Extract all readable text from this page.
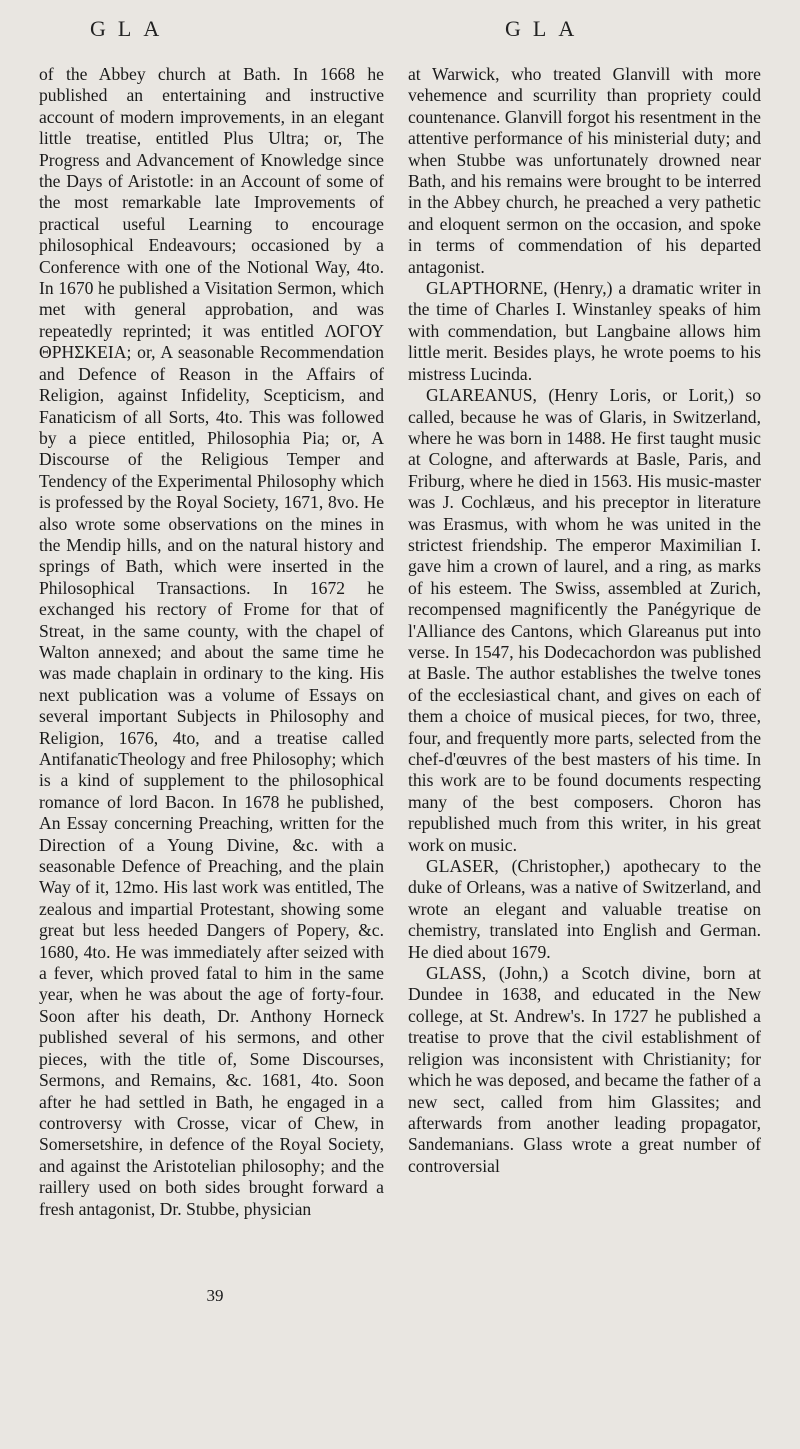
GLA	GLA

of the Abbey church at Bath. In 1668 he published an entertaining and instructive account of modern improvements, in an elegant little treatise, entitled Plus Ultra; or, The Progress and Advancement of Knowledge since the Days of Aristotle: in an Account of some of the most remarkable late Improvements of practical useful Learning to encourage philosophical Endeavours; occasioned by a Conference with one of the Notional Way, 4to. In 1670 he published a Visitation Sermon, which met with general approbation, and was repeatedly reprinted; it was entitled ΛΟΓΟΥ ΘΡΗΣΚΕΙΑ; or, A seasonable Recommendation and Defence of Reason in the Affairs of Religion, against Infidelity, Scepticism, and Fanaticism of all Sorts, 4to. This was followed by a piece entitled, Philosophia Pia; or, A Discourse of the Religious Temper and Tendency of the Experimental Philosophy which is professed by the Royal Society, 1671, 8vo. He also wrote some observations on the mines in the Mendip hills, and on the natural history and springs of Bath, which were inserted in the Philosophical Transactions. In 1672 he exchanged his rectory of Frome for that of Streat, in the same county, with the chapel of Walton annexed; and about the same time he was made chaplain in ordinary to the king. His next publication was a volume of Essays on several important Subjects in Philosophy and Religion, 1676, 4to, and a treatise called AntifanaticTheology and free Philosophy; which is a kind of supplement to the philosophical romance of lord Bacon. In 1678 he published, An Essay concerning Preaching, written for the Direction of a Young Divine, &c. with a seasonable Defence of Preaching, and the plain Way of it, 12mo. His last work was entitled, The zealous and impartial Protestant, showing some great but less heeded Dangers of Popery, &c. 1680, 4to. He was immediately after seized with a fever, which proved fatal to him in the same year, when he was about the age of forty-four. Soon after his death, Dr. Anthony Horneck published several of his sermons, and other pieces, with the title of, Some Discourses, Sermons, and Remains, &c. 1681, 4to. Soon after he had settled in Bath, he engaged in a controversy with Crosse, vicar of Chew, in Somersetshire, in defence of the Royal Society, and against the Aristotelian philosophy; and the raillery used on both sides brought forward a fresh antagonist, Dr. Stubbe, physician

at Warwick, who treated Glanvill with more vehemence and scurrility than propriety could countenance. Glanvill forgot his resentment in the attentive performance of his ministerial duty; and when Stubbe was unfortunately drowned near Bath, and his remains were brought to be interred in the Abbey church, he preached a very pathetic and eloquent sermon on the occasion, and spoke in terms of commendation of his departed antagonist.

GLAPTHORNE, (Henry,) a dramatic writer in the time of Charles I. Winstanley speaks of him with commendation, but Langbaine allows him little merit. Besides plays, he wrote poems to his mistress Lucinda.

GLAREANUS, (Henry Loris, or Lorit,) so called, because he was of Glaris, in Switzerland, where he was born in 1488. He first taught music at Cologne, and afterwards at Basle, Paris, and Friburg, where he died in 1563. His music-master was J. Cochlæus, and his preceptor in literature was Erasmus, with whom he was united in the strictest friendship. The emperor Maximilian I. gave him a crown of laurel, and a ring, as marks of his esteem. The Swiss, assembled at Zurich, recompensed magnificently the Panégyrique de l'Alliance des Cantons, which Glareanus put into verse. In 1547, his Dodecachordon was published at Basle. The author establishes the twelve tones of the ecclesiastical chant, and gives on each of them a choice of musical pieces, for two, three, four, and frequently more parts, selected from the chef-d'œuvres of the best masters of his time. In this work are to be found documents respecting many of the best composers. Choron has republished much from this writer, in his great work on music.

GLASER, (Christopher,) apothecary to the duke of Orleans, was a native of Switzerland, and wrote an elegant and valuable treatise on chemistry, translated into English and German. He died about 1679.

GLASS, (John,) a Scotch divine, born at Dundee in 1638, and educated in the New college, at St. Andrew's. In 1727 he published a treatise to prove that the civil establishment of religion was inconsistent with Christianity; for which he was deposed, and became the father of a new sect, called from him Glassites; and afterwards from another leading propagator, Sandemanians. Glass wrote a great number of controversial

39
